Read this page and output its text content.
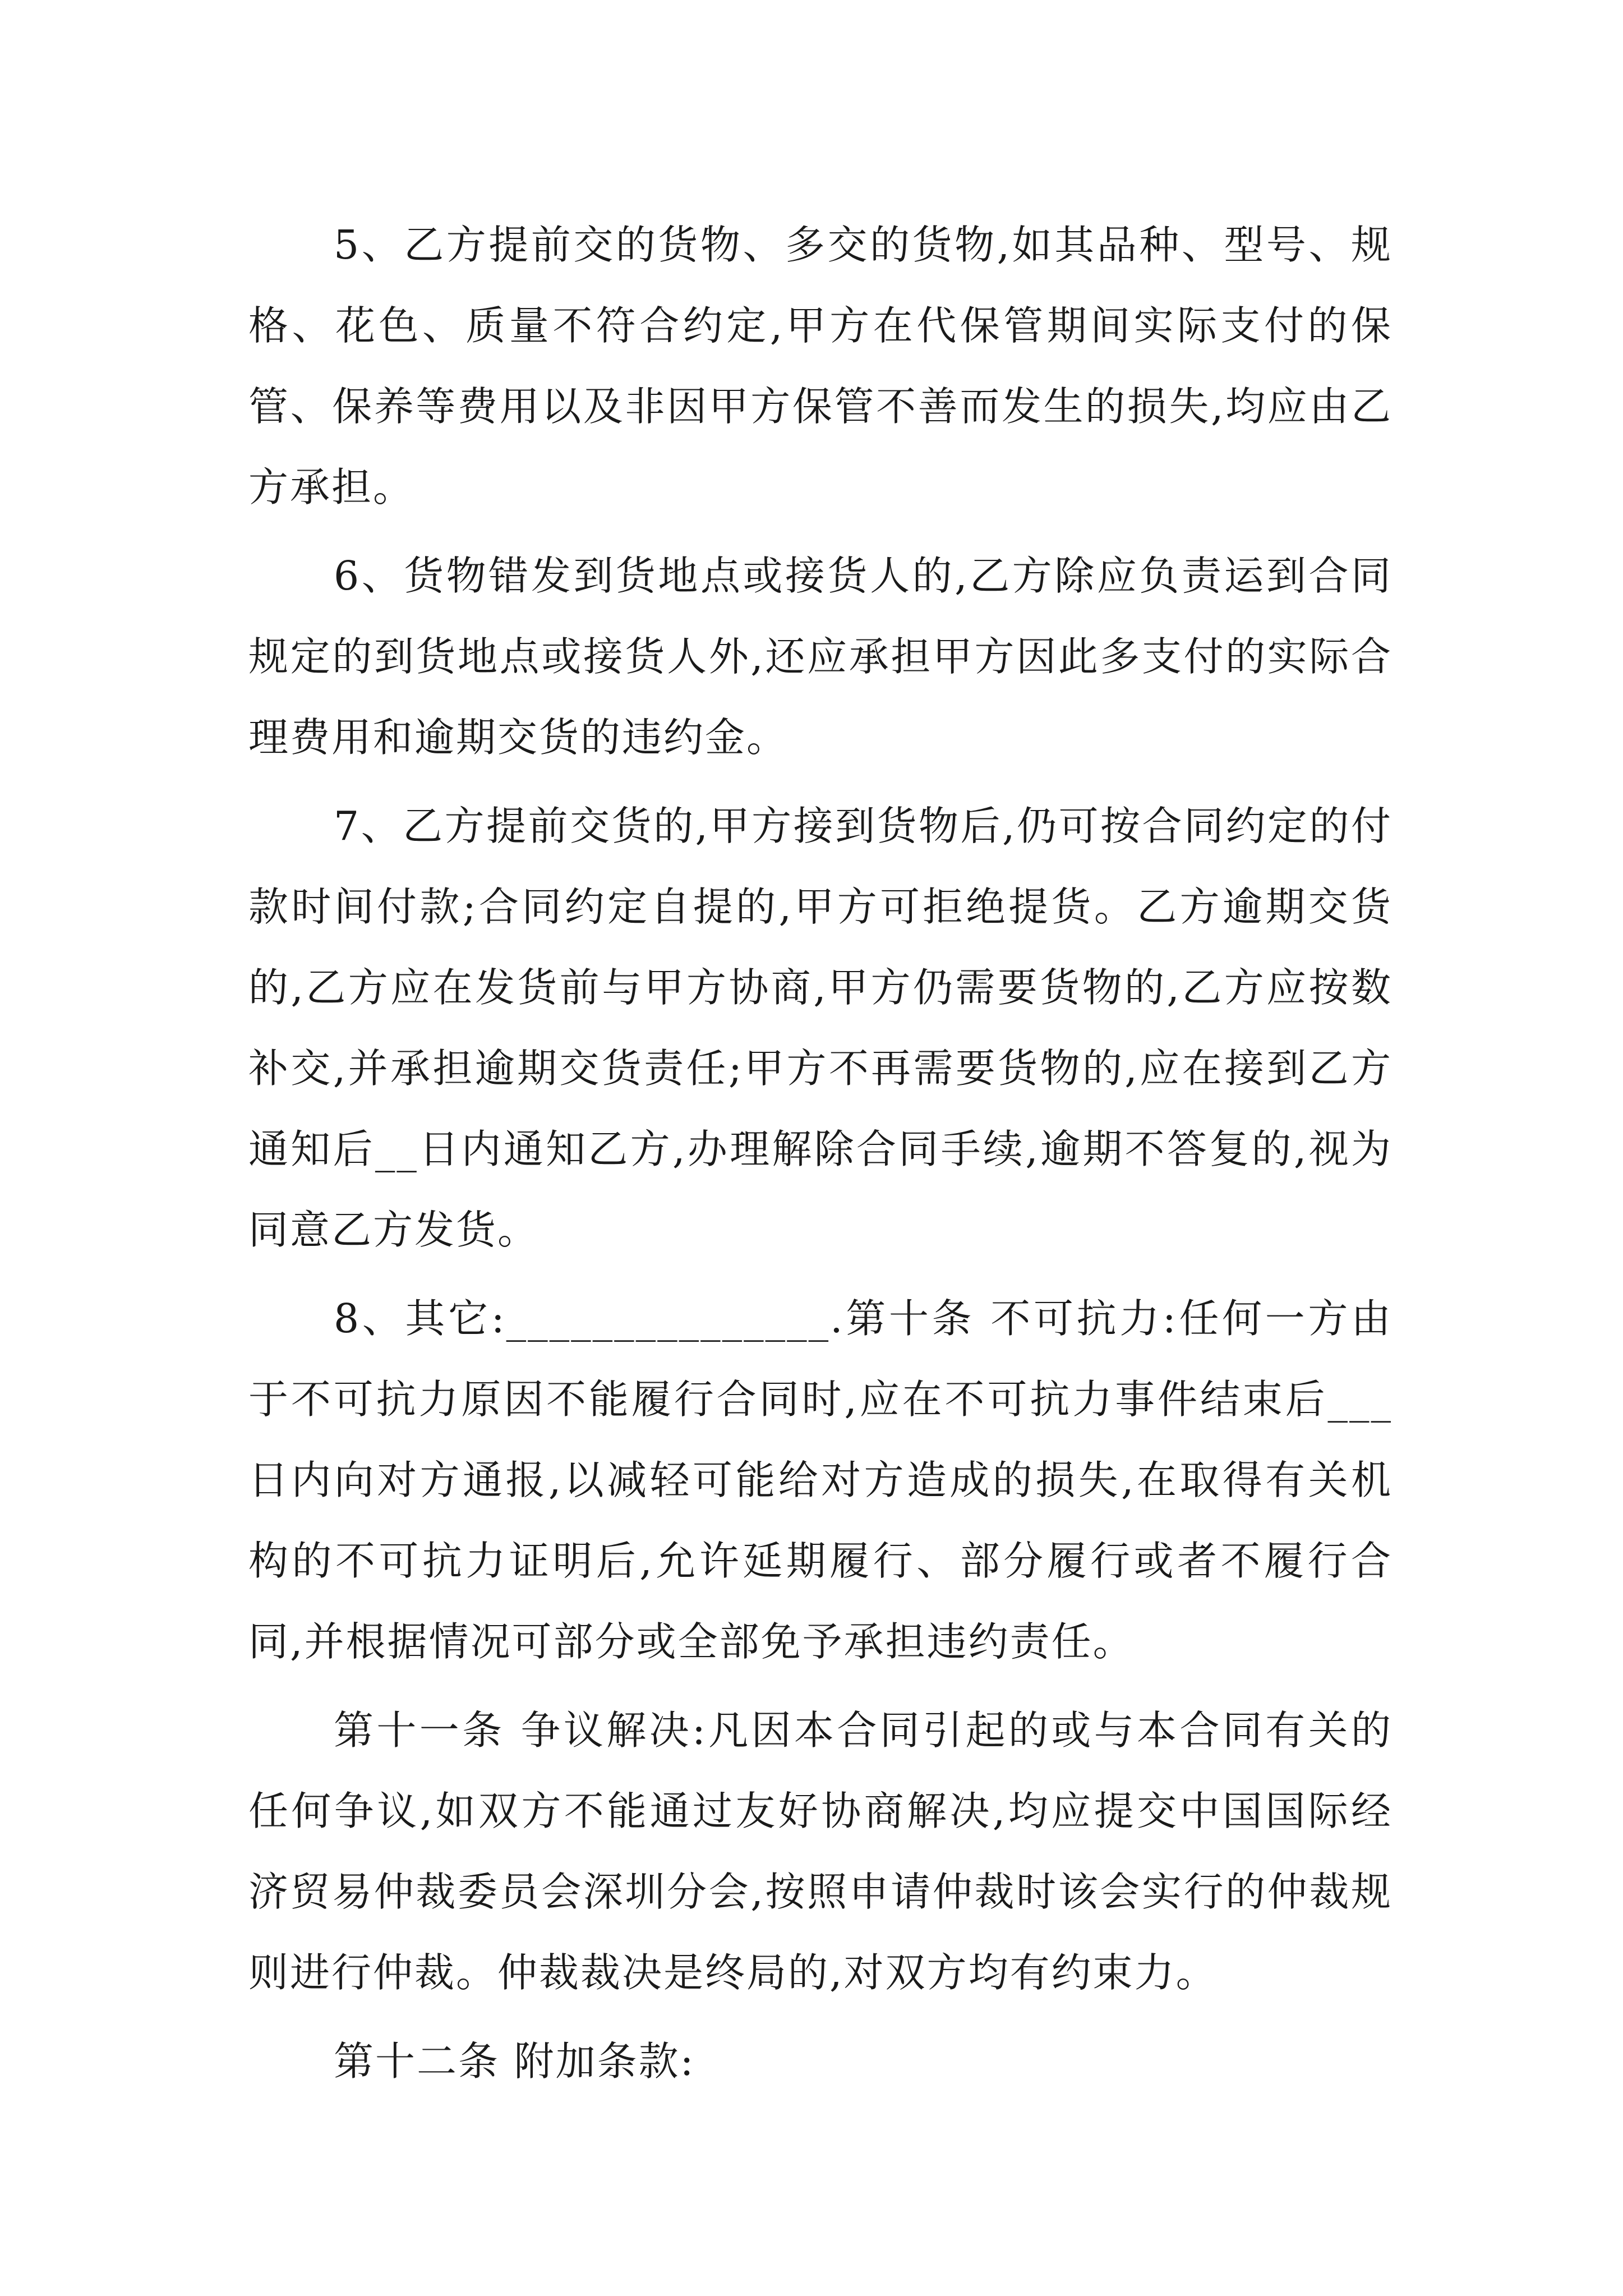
5、乙方提前交的货物、多交的货物,如其品种、型号、规格、花色、质量不符合约定,甲方在代保管期间实际支付的保管、保养等费用以及非因甲方保管不善而发生的损失,均应由乙方承担。

6、货物错发到货地点或接货人的,乙方除应负责运到合同规定的到货地点或接货人外,还应承担甲方因此多支付的实际合理费用和逾期交货的违约金。

7、乙方提前交货的,甲方接到货物后,仍可按合同约定的付款时间付款;合同约定自提的,甲方可拒绝提货。乙方逾期交货的,乙方应在发货前与甲方协商,甲方仍需要货物的,乙方应按数补交,并承担逾期交货责任;甲方不再需要货物的,应在接到乙方通知后__日内通知乙方,办理解除合同手续,逾期不答复的,视为同意乙方发货。

8、其它:_______________.第十条 不可抗力:任何一方由于不可抗力原因不能履行合同时,应在不可抗力事件结束后___日内向对方通报,以减轻可能给对方造成的损失,在取得有关机构的不可抗力证明后,允许延期履行、部分履行或者不履行合同,并根据情况可部分或全部免予承担违约责任。

第十一条 争议解决:凡因本合同引起的或与本合同有关的任何争议,如双方不能通过友好协商解决,均应提交中国国际经济贸易仲裁委员会深圳分会,按照申请仲裁时该会实行的仲裁规则进行仲裁。仲裁裁决是终局的,对双方均有约束力。

第十二条 附加条款:
